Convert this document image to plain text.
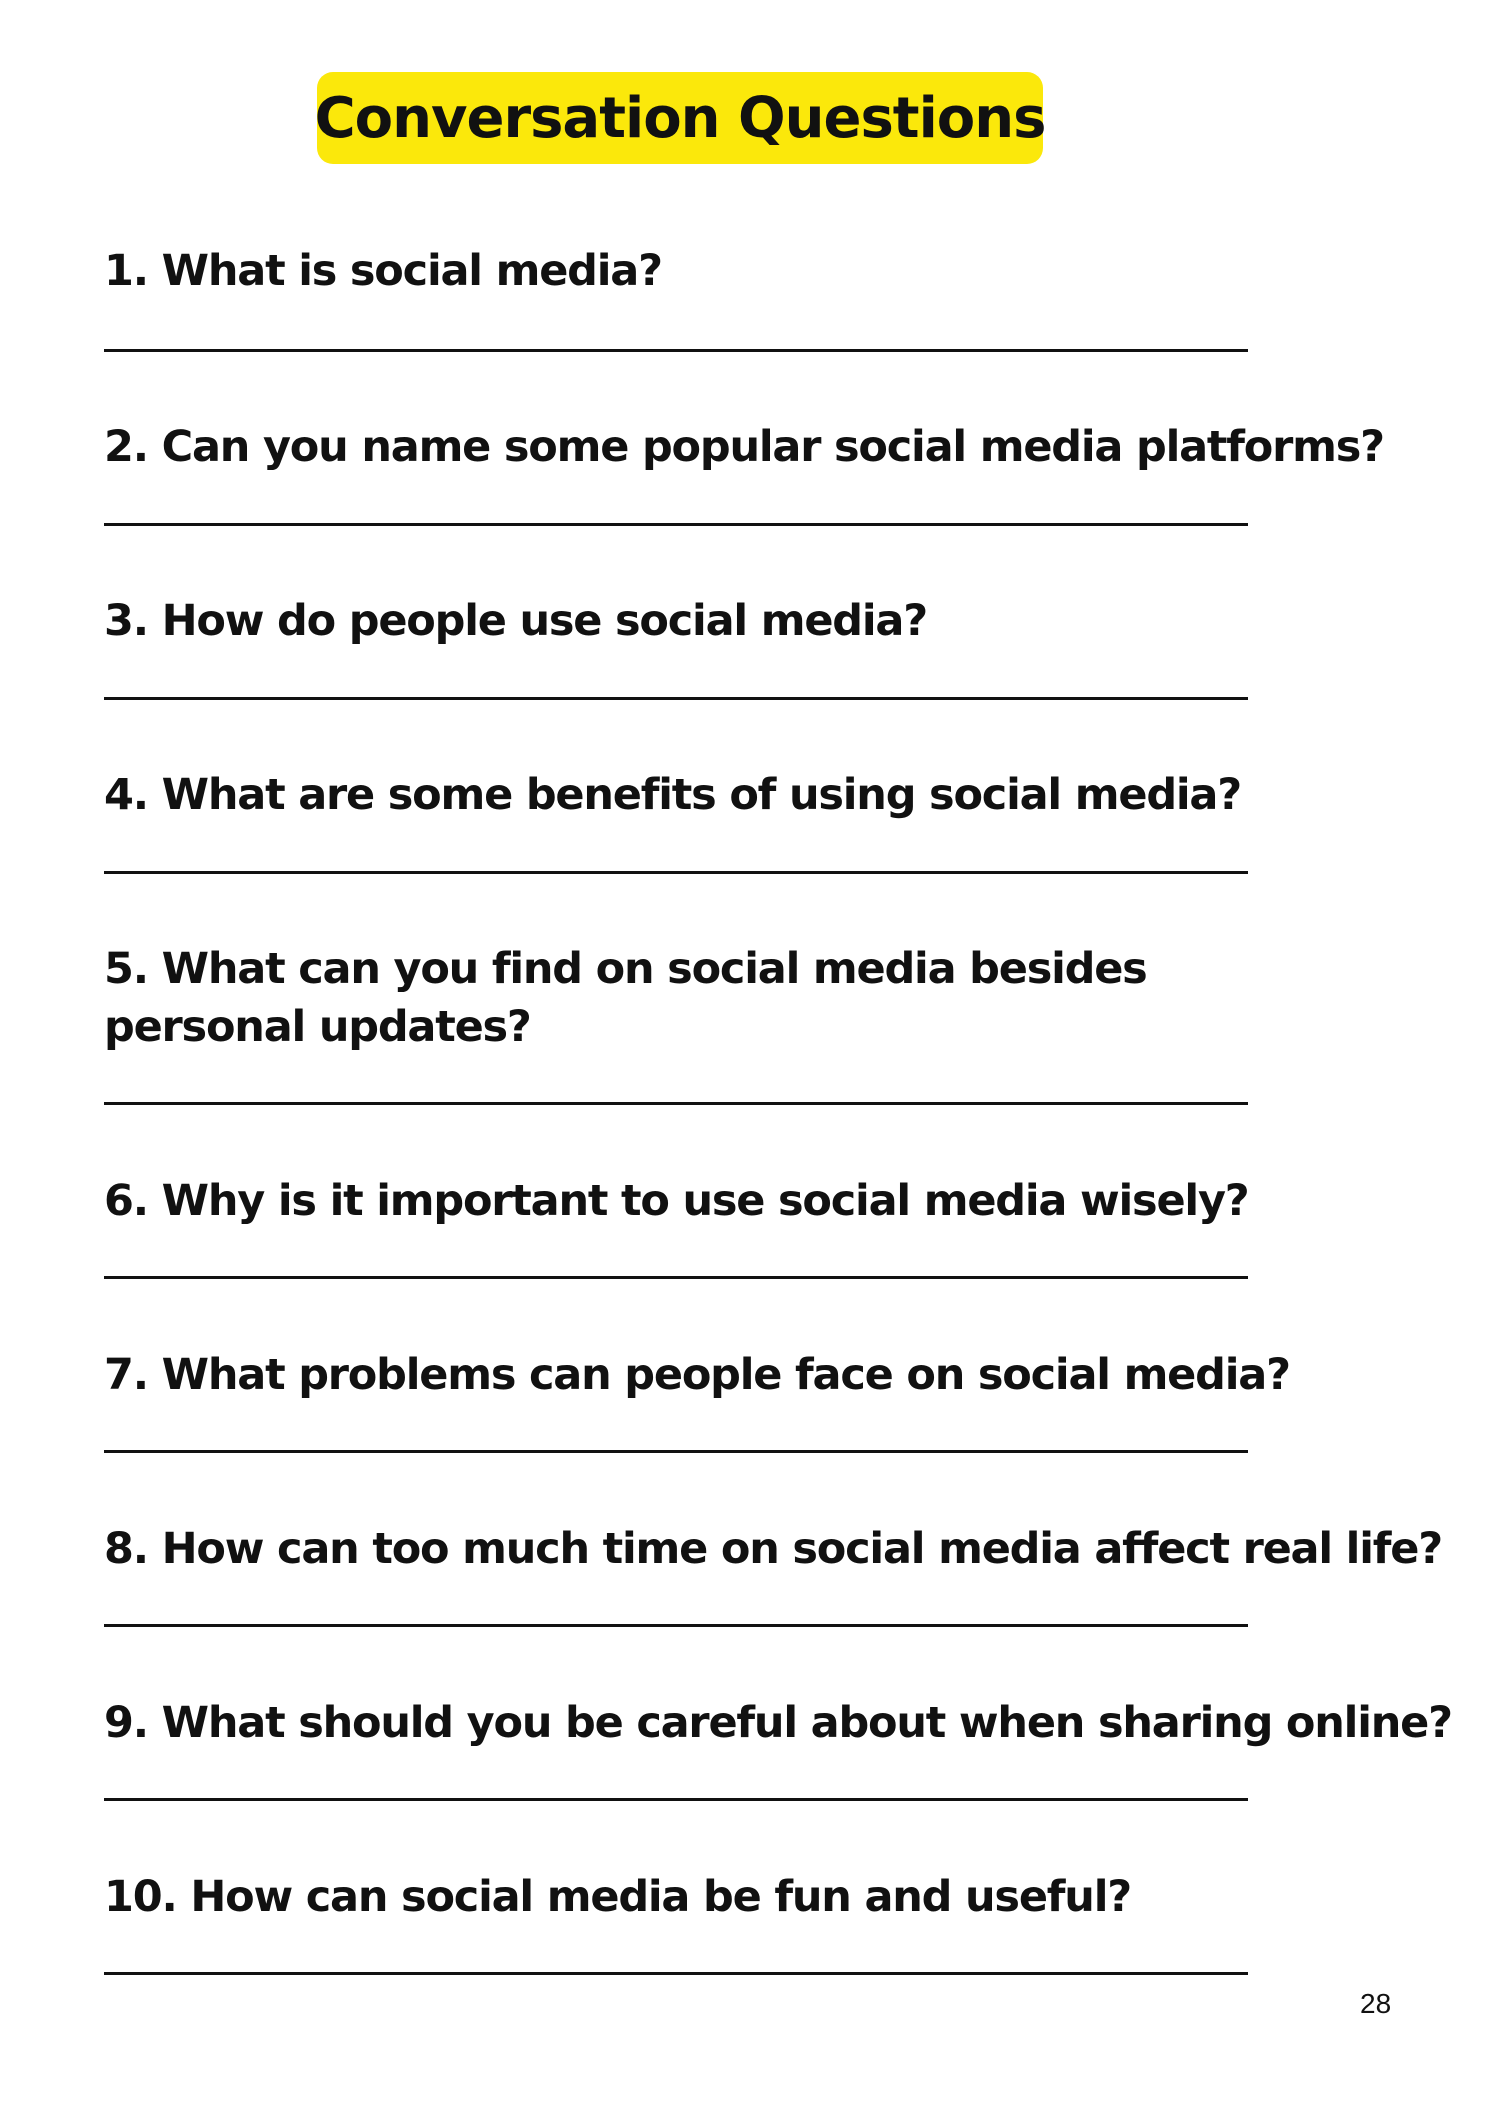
Conversation Questions
1. What is social media?
2. Can you name some popular social media platforms?
3. How do people use social media?
4. What are some benefits of using social media?
5. What can you find on social media besides personal updates?
6. Why is it important to use social media wisely?
7. What problems can people face on social media?
8. How can too much time on social media affect real life?
9. What should you be careful about when sharing online?
10. How can social media be fun and useful?
28
